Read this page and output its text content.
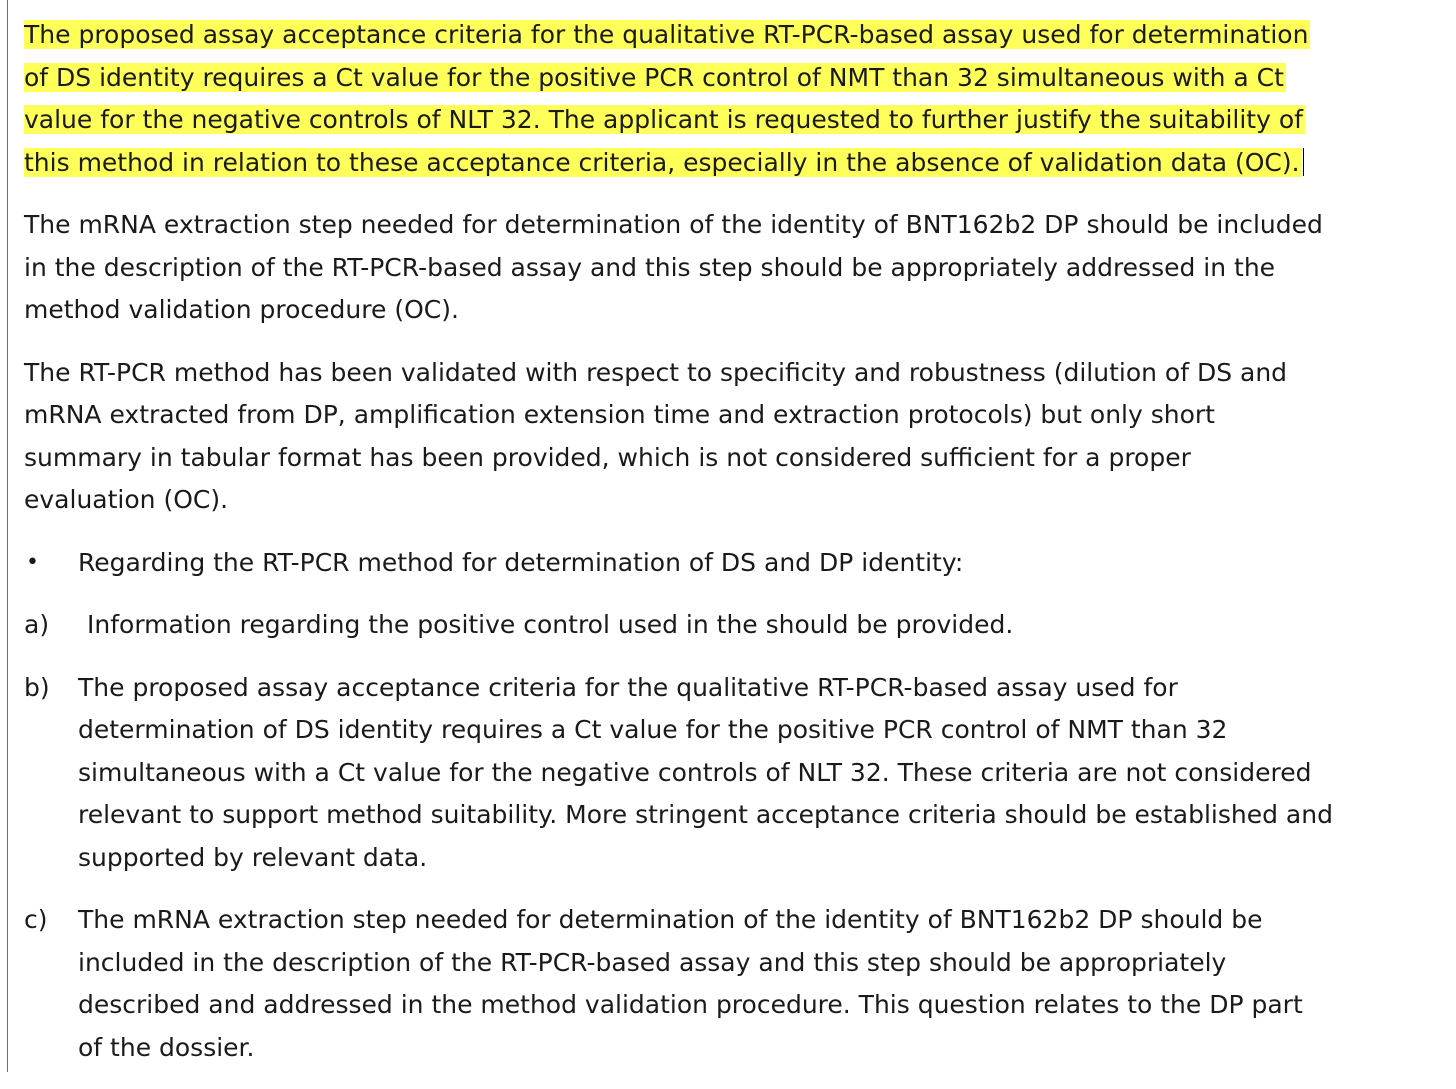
The proposed assay acceptance criteria for the qualitative RT-PCR-based assay used for determination
of DS identity requires a Ct value for the positive PCR control of NMT than 32 simultaneous with a Ct
value for the negative controls of NLT 32. The applicant is requested to further justify the suitability of
this method in relation to these acceptance criteria, especially in the absence of validation data (OC).
The mRNA extraction step needed for determination of the identity of BNT162b2 DP should be included
in the description of the RT-PCR-based assay and this step should be appropriately addressed in the
method validation procedure (OC).
The RT-PCR method has been validated with respect to specificity and robustness (dilution of DS and
mRNA extracted from DP, amplification extension time and extraction protocols) but only short
summary in tabular format has been provided, which is not considered sufficient for a proper
evaluation (OC).
• Regarding the RT-PCR method for determination of DS and DP identity:
a)	Information regarding the positive control used in the should be provided.
b) The proposed assay acceptance criteria for the qualitative RT-PCR-based assay used for
determination of DS identity requires a Ct value for the positive PCR control of NMT than 32
simultaneous with a Ct value for the negative controls of NLT 32. These criteria are not considered
relevant to support method suitability. More stringent acceptance criteria should be established and
supported by relevant data.
c) The mRNA extraction step needed for determination of the identity of BNT162b2 DP should be
included in the description of the RT-PCR-based assay and this step should be appropriately
described and addressed in the method validation procedure. This question relates to the DP part
of the dossier.
